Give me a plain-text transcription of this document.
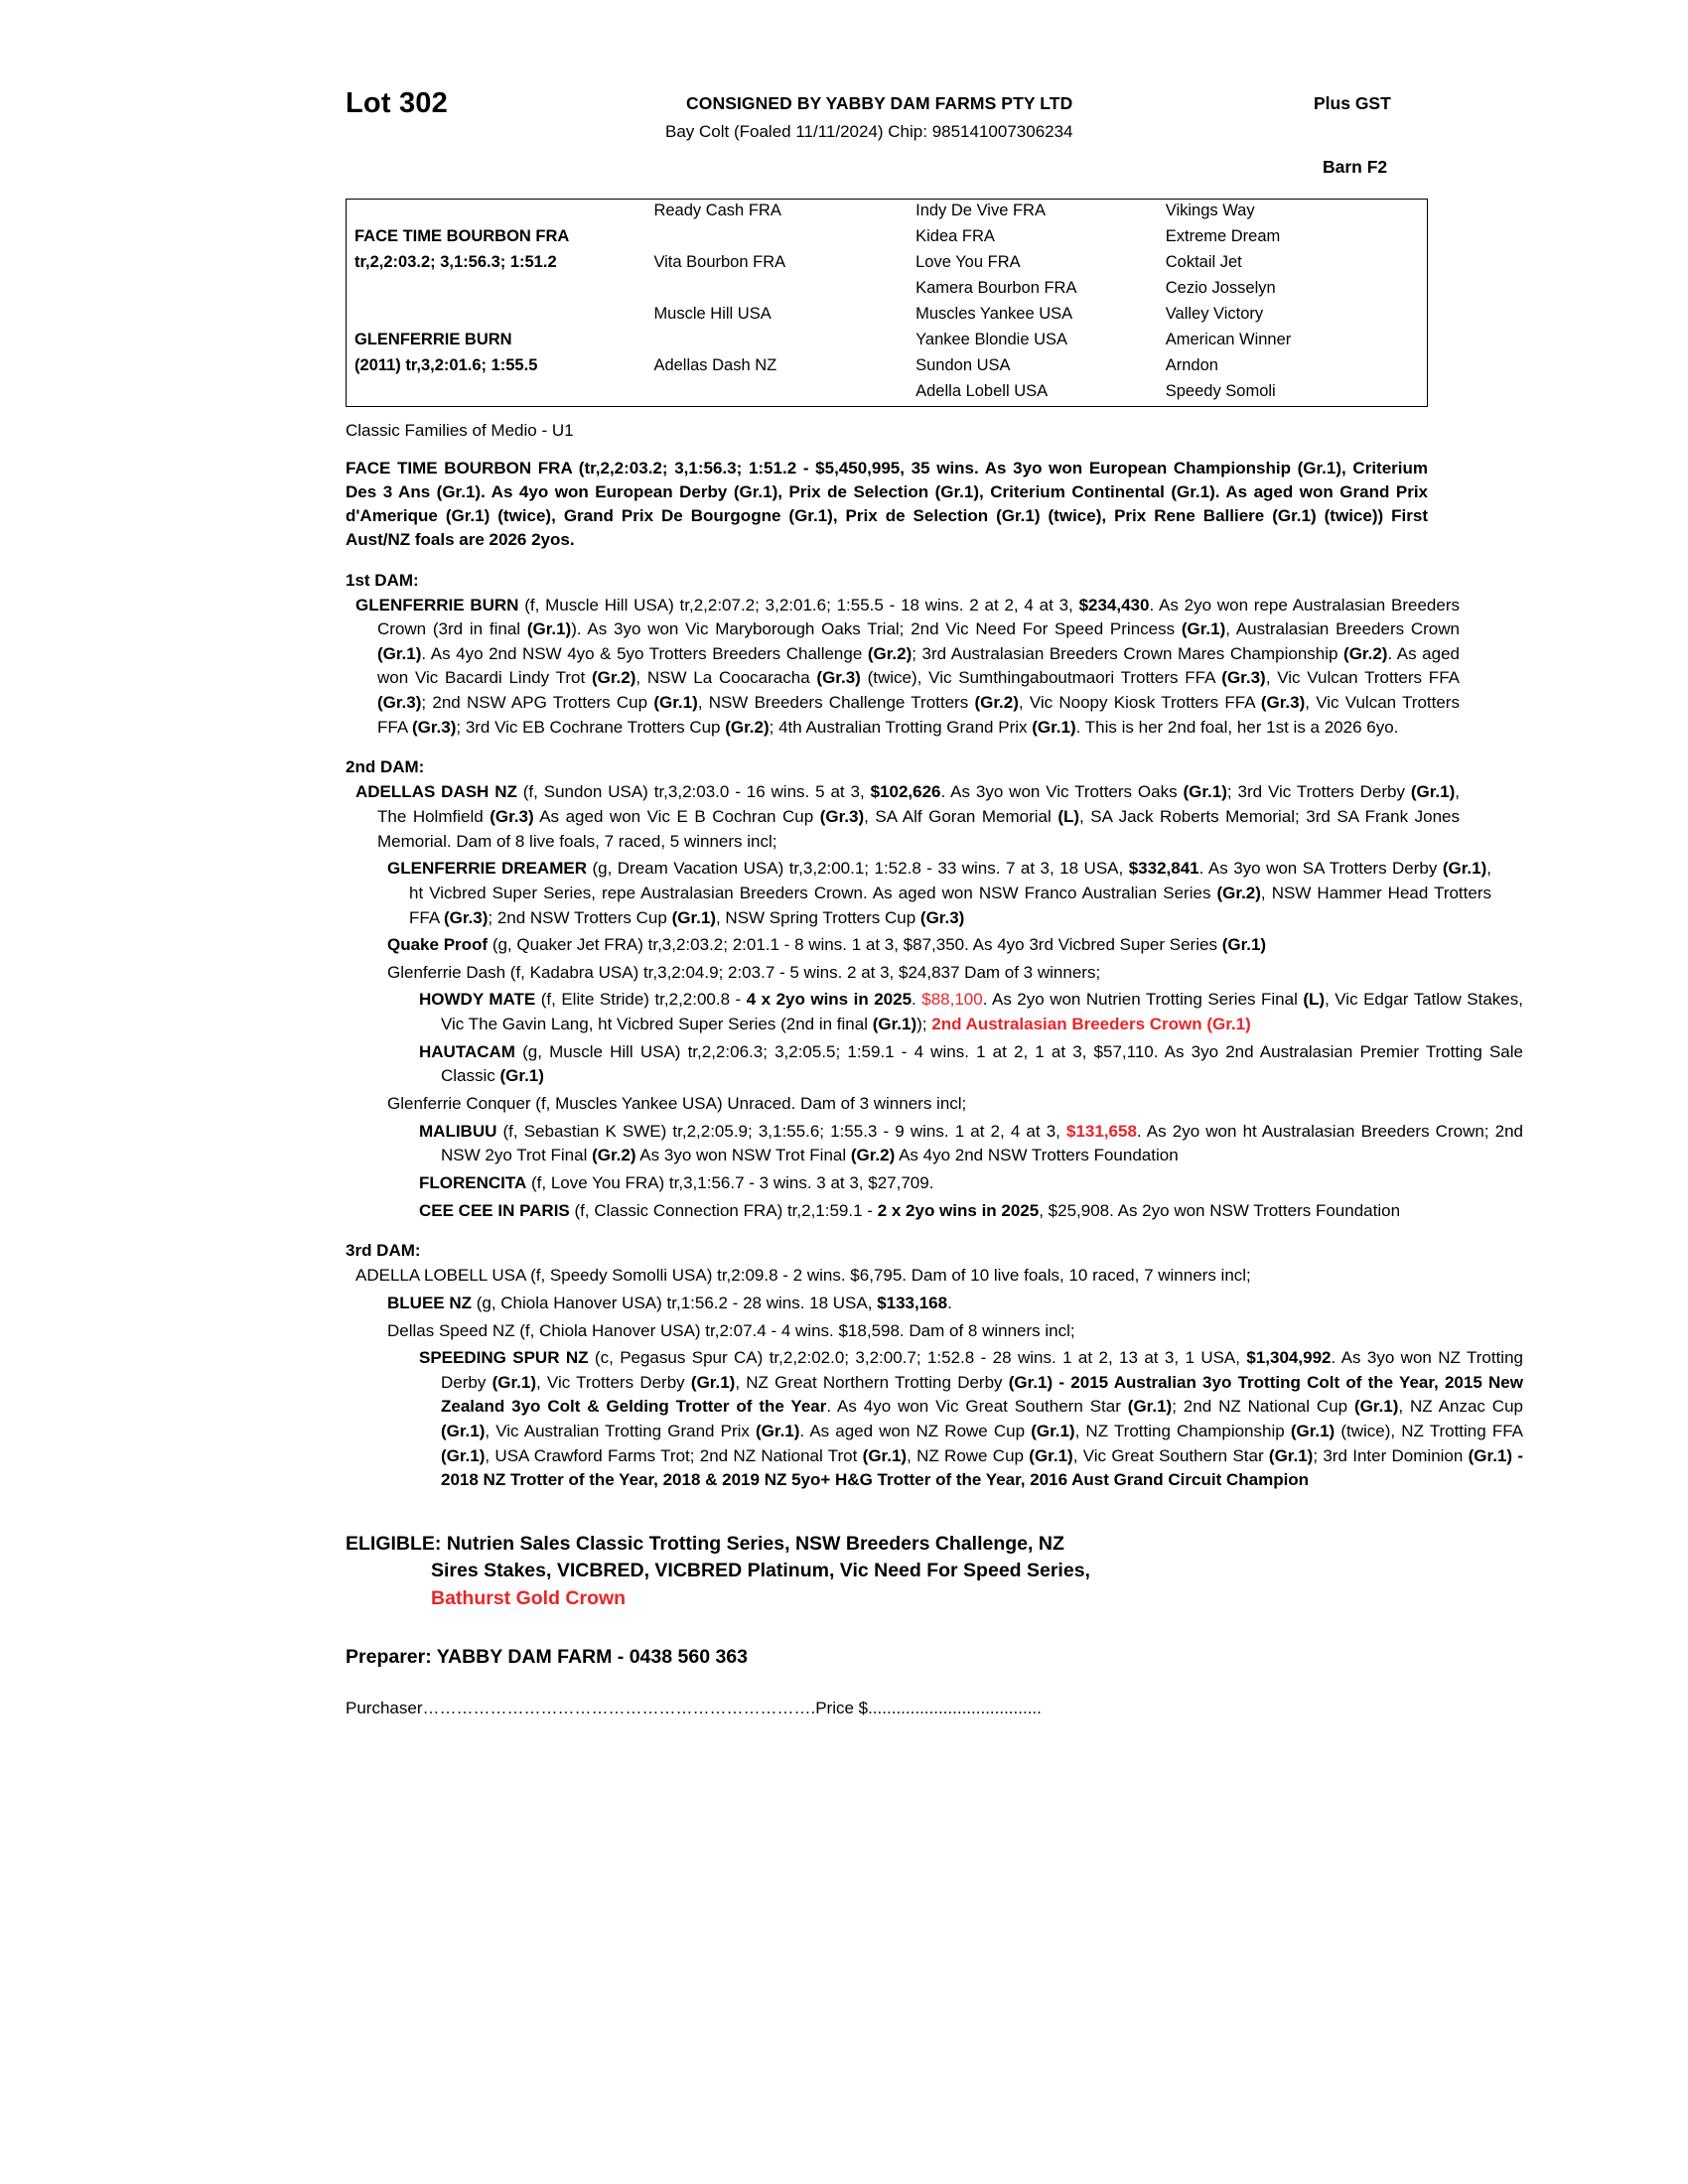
Lot 302	CONSIGNED BY YABBY DAM FARMS PTY LTD
Bay Colt (Foaled 11/11/2024) Chip: 985141007306234
Plus GST
Barn F2
	Ready Cash FRA	Indy De Vive FRA	Vikings Way
FACE TIME BOURBON FRA		Kidea FRA	Extreme Dream
tr,2,2:03.2; 3,1:56.3; 1:51.2	Vita Bourbon FRA	Love You FRA	Coktail Jet
		Kamera Bourbon FRA	Cezio Josselyn
	Muscle Hill USA	Muscles Yankee USA	Valley Victory
GLENFERRIE BURN		Yankee Blondie USA	American Winner
(2011) tr,3,2:01.6; 1:55.5	Adellas Dash NZ	Sundon USA	Arndon
		Adella Lobell USA	Speedy Somoli
Classic Families of Medio - U1
FACE TIME BOURBON FRA (tr,2,2:03.2; 3,1:56.3; 1:51.2 - $5,450,995, 35 wins. As 3yo won European Championship (Gr.1), Criterium Des 3 Ans (Gr.1). As 4yo won European Derby (Gr.1), Prix de Selection (Gr.1), Criterium Continental (Gr.1). As aged won Grand Prix d'Amerique (Gr.1) (twice), Grand Prix De Bourgogne (Gr.1), Prix de Selection (Gr.1) (twice), Prix Rene Balliere (Gr.1) (twice)) First Aust/NZ foals are 2026 2yos.
1st DAM:
GLENFERRIE BURN (f, Muscle Hill USA) tr,2,2:07.2; 3,2:01.6; 1:55.5 - 18 wins. 2 at 2, 4 at 3, $234,430. As 2yo won repe Australasian Breeders Crown (3rd in final (Gr.1)). As 3yo won Vic Maryborough Oaks Trial; 2nd Vic Need For Speed Princess (Gr.1), Australasian Breeders Crown (Gr.1). As 4yo 2nd NSW 4yo & 5yo Trotters Breeders Challenge (Gr.2); 3rd Australasian Breeders Crown Mares Championship (Gr.2). As aged won Vic Bacardi Lindy Trot (Gr.2), NSW La Coocaracha (Gr.3) (twice), Vic Sumthingaboutmaori Trotters FFA (Gr.3), Vic Vulcan Trotters FFA (Gr.3); 2nd NSW APG Trotters Cup (Gr.1), NSW Breeders Challenge Trotters (Gr.2), Vic Noopy Kiosk Trotters FFA (Gr.3), Vic Vulcan Trotters FFA (Gr.3); 3rd Vic EB Cochrane Trotters Cup (Gr.2); 4th Australian Trotting Grand Prix (Gr.1). This is her 2nd foal, her 1st is a 2026 6yo.
2nd DAM:
ADELLAS DASH NZ (f, Sundon USA) tr,3,2:03.0 - 16 wins. 5 at 3, $102,626. As 3yo won Vic Trotters Oaks (Gr.1); 3rd Vic Trotters Derby (Gr.1), The Holmfield (Gr.3) As aged won Vic E B Cochran Cup (Gr.3), SA Alf Goran Memorial (L), SA Jack Roberts Memorial; 3rd SA Frank Jones Memorial. Dam of 8 live foals, 7 raced, 5 winners incl;
GLENFERRIE DREAMER (g, Dream Vacation USA) tr,3,2:00.1; 1:52.8 - 33 wins. 7 at 3, 18 USA, $332,841. As 3yo won SA Trotters Derby (Gr.1), ht Vicbred Super Series, repe Australasian Breeders Crown. As aged won NSW Franco Australian Series (Gr.2), NSW Hammer Head Trotters FFA (Gr.3); 2nd NSW Trotters Cup (Gr.1), NSW Spring Trotters Cup (Gr.3)
Quake Proof (g, Quaker Jet FRA) tr,3,2:03.2; 2:01.1 - 8 wins. 1 at 3, $87,350. As 4yo 3rd Vicbred Super Series (Gr.1)
Glenferrie Dash (f, Kadabra USA) tr,3,2:04.9; 2:03.7 - 5 wins. 2 at 3, $24,837 Dam of 3 winners;
HOWDY MATE (f, Elite Stride) tr,2,2:00.8 - 4 x 2yo wins in 2025. $88,100. As 2yo won Nutrien Trotting Series Final (L), Vic Edgar Tatlow Stakes, Vic The Gavin Lang, ht Vicbred Super Series (2nd in final (Gr.1)); 2nd Australasian Breeders Crown (Gr.1)
HAUTACAM (g, Muscle Hill USA) tr,2,2:06.3; 3,2:05.5; 1:59.1 - 4 wins. 1 at 2, 1 at 3, $57,110. As 3yo 2nd Australasian Premier Trotting Sale Classic (Gr.1)
Glenferrie Conquer (f, Muscles Yankee USA) Unraced. Dam of 3 winners incl;
MALIBUU (f, Sebastian K SWE) tr,2,2:05.9; 3,1:55.6; 1:55.3 - 9 wins. 1 at 2, 4 at 3, $131,658. As 2yo won ht Australasian Breeders Crown; 2nd NSW 2yo Trot Final (Gr.2) As 3yo won NSW Trot Final (Gr.2) As 4yo 2nd NSW Trotters Foundation
FLORENCITA (f, Love You FRA) tr,3,1:56.7 - 3 wins. 3 at 3, $27,709.
CEE CEE IN PARIS (f, Classic Connection FRA) tr,2,1:59.1 - 2 x 2yo wins in 2025, $25,908. As 2yo won NSW Trotters Foundation
3rd DAM:
ADELLA LOBELL USA (f, Speedy Somolli USA) tr,2:09.8 - 2 wins. $6,795. Dam of 10 live foals, 10 raced, 7 winners incl;
BLUEE NZ (g, Chiola Hanover USA) tr,1:56.2 - 28 wins. 18 USA, $133,168.
Dellas Speed NZ (f, Chiola Hanover USA) tr,2:07.4 - 4 wins. $18,598. Dam of 8 winners incl;
SPEEDING SPUR NZ (c, Pegasus Spur CA) tr,2,2:02.0; 3,2:00.7; 1:52.8 - 28 wins. 1 at 2, 13 at 3, 1 USA, $1,304,992. As 3yo won NZ Trotting Derby (Gr.1), Vic Trotters Derby (Gr.1), NZ Great Northern Trotting Derby (Gr.1) - 2015 Australian 3yo Trotting Colt of the Year, 2015 New Zealand 3yo Colt & Gelding Trotter of the Year. As 4yo won Vic Great Southern Star (Gr.1); 2nd NZ National Cup (Gr.1), NZ Anzac Cup (Gr.1), Vic Australian Trotting Grand Prix (Gr.1). As aged won NZ Rowe Cup (Gr.1), NZ Trotting Championship (Gr.1) (twice), NZ Trotting FFA (Gr.1), USA Crawford Farms Trot; 2nd NZ National Trot (Gr.1), NZ Rowe Cup (Gr.1), Vic Great Southern Star (Gr.1); 3rd Inter Dominion (Gr.1) - 2018 NZ Trotter of the Year, 2018 & 2019 NZ 5yo+ H&G Trotter of the Year, 2016 Aust Grand Circuit Champion
ELIGIBLE: Nutrien Sales Classic Trotting Series, NSW Breeders Challenge, NZ
Sires Stakes, VICBRED, VICBRED Platinum, Vic Need For Speed Series,
Bathurst Gold Crown
Preparer: YABBY DAM FARM - 0438 560 363
Purchaser…………………………………………………………….Price $.....................................
